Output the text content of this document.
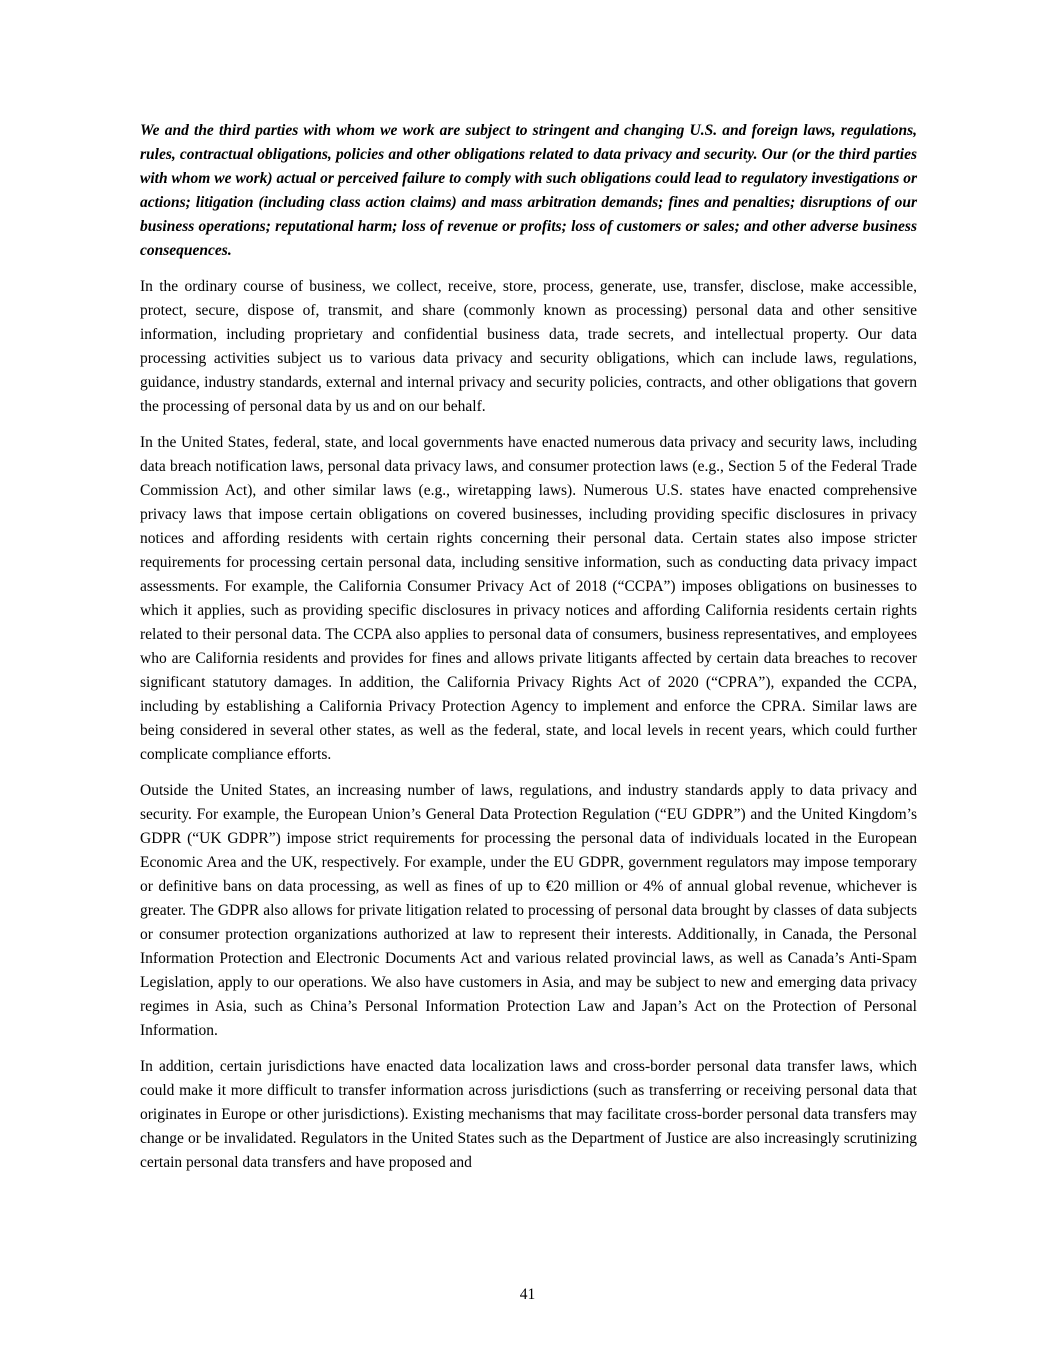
We and the third parties with whom we work are subject to stringent and changing U.S. and foreign laws, regulations, rules, contractual obligations, policies and other obligations related to data privacy and security. Our (or the third parties with whom we work) actual or perceived failure to comply with such obligations could lead to regulatory investigations or actions; litigation (including class action claims) and mass arbitration demands; fines and penalties; disruptions of our business operations; reputational harm; loss of revenue or profits; loss of customers or sales; and other adverse business consequences.

In the ordinary course of business, we collect, receive, store, process, generate, use, transfer, disclose, make accessible, protect, secure, dispose of, transmit, and share (commonly known as processing) personal data and other sensitive information, including proprietary and confidential business data, trade secrets, and intellectual property. Our data processing activities subject us to various data privacy and security obligations, which can include laws, regulations, guidance, industry standards, external and internal privacy and security policies, contracts, and other obligations that govern the processing of personal data by us and on our behalf.

In the United States, federal, state, and local governments have enacted numerous data privacy and security laws, including data breach notification laws, personal data privacy laws, and consumer protection laws (e.g., Section 5 of the Federal Trade Commission Act), and other similar laws (e.g., wiretapping laws). Numerous U.S. states have enacted comprehensive privacy laws that impose certain obligations on covered businesses, including providing specific disclosures in privacy notices and affording residents with certain rights concerning their personal data. Certain states also impose stricter requirements for processing certain personal data, including sensitive information, such as conducting data privacy impact assessments. For example, the California Consumer Privacy Act of 2018 (“CCPA”) imposes obligations on businesses to which it applies, such as providing specific disclosures in privacy notices and affording California residents certain rights related to their personal data. The CCPA also applies to personal data of consumers, business representatives, and employees who are California residents and provides for fines and allows private litigants affected by certain data breaches to recover significant statutory damages. In addition, the California Privacy Rights Act of 2020 (“CPRA”), expanded the CCPA, including by establishing a California Privacy Protection Agency to implement and enforce the CPRA. Similar laws are being considered in several other states, as well as the federal, state, and local levels in recent years, which could further complicate compliance efforts.

Outside the United States, an increasing number of laws, regulations, and industry standards apply to data privacy and security. For example, the European Union’s General Data Protection Regulation (“EU GDPR”) and the United Kingdom’s GDPR (“UK GDPR”) impose strict requirements for processing the personal data of individuals located in the European Economic Area and the UK, respectively. For example, under the EU GDPR, government regulators may impose temporary or definitive bans on data processing, as well as fines of up to €20 million or 4% of annual global revenue, whichever is greater. The GDPR also allows for private litigation related to processing of personal data brought by classes of data subjects or consumer protection organizations authorized at law to represent their interests. Additionally, in Canada, the Personal Information Protection and Electronic Documents Act and various related provincial laws, as well as Canada’s Anti-Spam Legislation, apply to our operations. We also have customers in Asia, and may be subject to new and emerging data privacy regimes in Asia, such as China’s Personal Information Protection Law and Japan’s Act on the Protection of Personal Information.

In addition, certain jurisdictions have enacted data localization laws and cross-border personal data transfer laws, which could make it more difficult to transfer information across jurisdictions (such as transferring or receiving personal data that originates in Europe or other jurisdictions). Existing mechanisms that may facilitate cross-border personal data transfers may change or be invalidated. Regulators in the United States such as the Department of Justice are also increasingly scrutinizing certain personal data transfers and have proposed and

41
